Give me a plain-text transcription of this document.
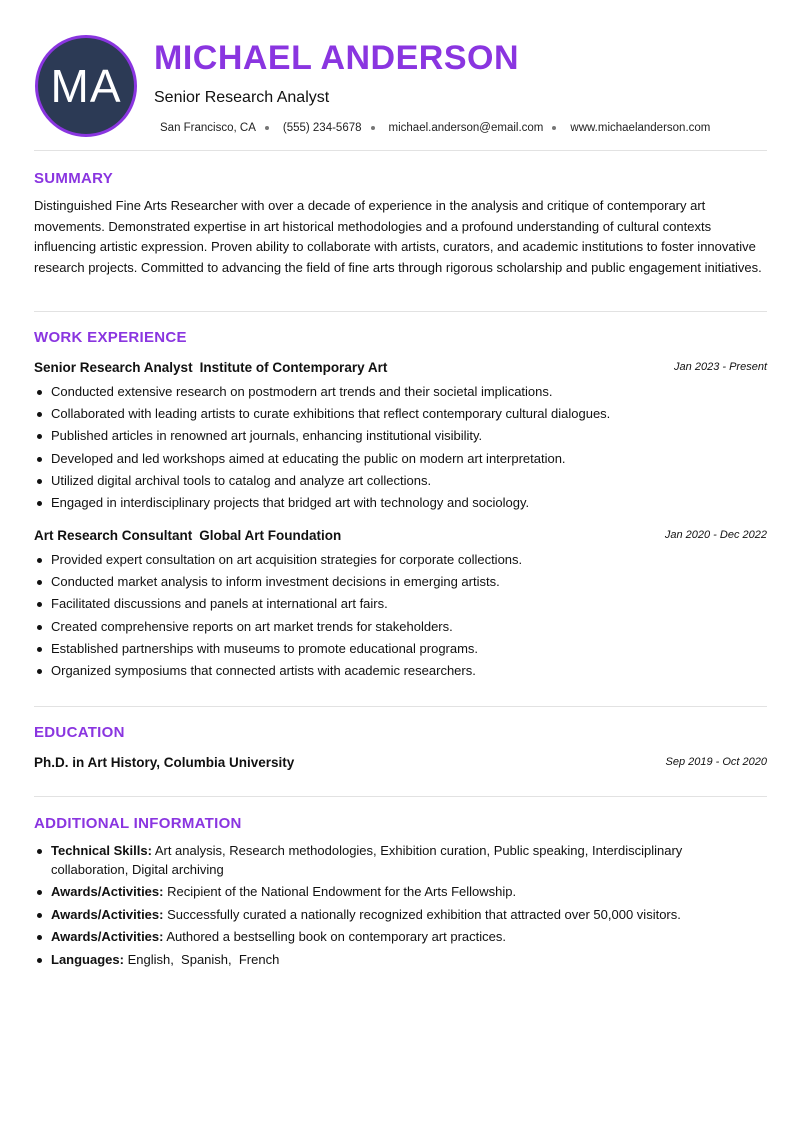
MA
MICHAEL ANDERSON
Senior Research Analyst
San Francisco, CA (555) 234-5678 michael.anderson@email.com www.michaelanderson.com
SUMMARY

Distinguished Fine Arts Researcher with over a decade of experience in the analysis and critique of contemporary art movements. Demonstrated expertise in art historical methodologies and a profound understanding of cultural contexts influencing artistic expression. Proven ability to collaborate with artists, curators, and academic institutions to foster innovative research projects. Committed to advancing the field of fine arts through rigorous scholarship and public engagement initiatives.

WORK EXPERIENCE
Senior Research Analyst Institute of Contemporary Art	Jan 2023 - Present
Conducted extensive research on postmodern art trends and their societal implications.
Collaborated with leading artists to curate exhibitions that reflect contemporary cultural dialogues.
Published articles in renowned art journals, enhancing institutional visibility.
Developed and led workshops aimed at educating the public on modern art interpretation.
Utilized digital archival tools to catalog and analyze art collections.
Engaged in interdisciplinary projects that bridged art with technology and sociology.
Art Research Consultant Global Art Foundation	Jan 2020 - Dec 2022
Provided expert consultation on art acquisition strategies for corporate collections.
Conducted market analysis to inform investment decisions in emerging artists.
Facilitated discussions and panels at international art fairs.
Created comprehensive reports on art market trends for stakeholders.
Established partnerships with museums to promote educational programs.
Organized symposiums that connected artists with academic researchers.
EDUCATION
Ph.D. in Art History, Columbia University	Sep 2019 - Oct 2020
ADDITIONAL INFORMATION
Technical Skills: Art analysis, Research methodologies, Exhibition curation, Public speaking, Interdisciplinary collaboration, Digital archiving
Awards/Activities: Recipient of the National Endowment for the Arts Fellowship.
Awards/Activities: Successfully curated a nationally recognized exhibition that attracted over 50,000 visitors.
Awards/Activities: Authored a bestselling book on contemporary art practices.
Languages: English,  Spanish,  French
